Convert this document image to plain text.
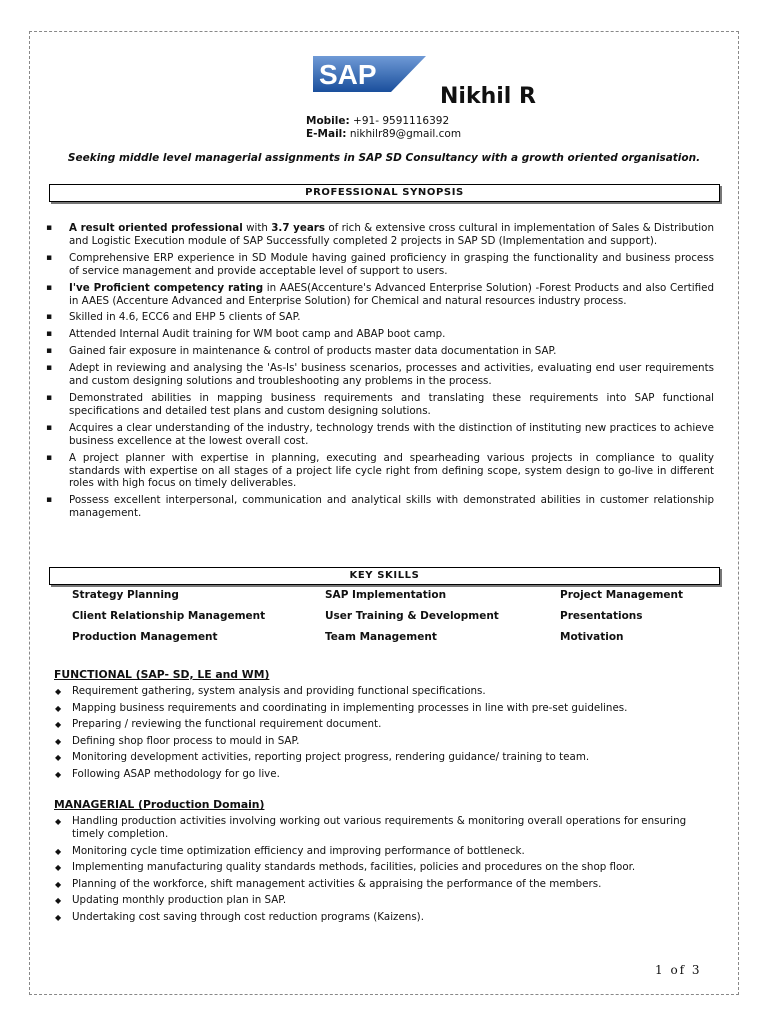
SAP
Nikhil R
Mobile: +91- 9591116392
E-Mail: nikhilr89@gmail.com
Seeking middle level managerial assignments in SAP SD Consultancy with a growth oriented organisation.
PROFESSIONAL SYNOPSIS
▪ A result oriented professional with 3.7 years of rich & extensive cross cultural in implementation of Sales & Distribution and Logistic Execution module of SAP Successfully completed 2 projects in SAP SD (Implementation and support).
▪ Comprehensive ERP experience in SD Module having gained proficiency in grasping the functionality and business process of service management and provide acceptable level of support to users.
▪ I've Proficient competency rating in AAES(Accenture's Advanced Enterprise Solution) -Forest Products and also Certified in AAES (Accenture Advanced and Enterprise Solution) for Chemical and natural resources industry process.
▪ Skilled in 4.6, ECC6 and EHP 5 clients of SAP.
▪ Attended Internal Audit training for WM boot camp and ABAP boot camp.
▪ Gained fair exposure in maintenance & control of products master data documentation in SAP.
▪ Adept in reviewing and analysing the 'As-Is' business scenarios, processes and activities, evaluating end user requirements and custom designing solutions and troubleshooting any problems in the process.
▪ Demonstrated abilities in mapping business requirements and translating these requirements into SAP functional specifications and detailed test plans and custom designing solutions.
▪ Acquires a clear understanding of the industry, technology trends with the distinction of instituting new practices to achieve business excellence at the lowest overall cost.
▪ A project planner with expertise in planning, executing and spearheading various projects in compliance to quality standards with expertise on all stages of a project life cycle right from defining scope, system design to go-live in different roles with high focus on timely deliverables.
▪ Possess excellent interpersonal, communication and analytical skills with demonstrated abilities in customer relationship management.
KEY SKILLS
Strategy Planning	SAP Implementation	Project Management
Client Relationship Management	User Training & Development	Presentations
Production Management	Team Management	Motivation
FUNCTIONAL (SAP- SD, LE and WM)
◆ Requirement gathering, system analysis and providing functional specifications.
◆ Mapping business requirements and coordinating in implementing processes in line with pre-set guidelines.
◆ Preparing / reviewing the functional requirement document.
◆ Defining shop floor process to mould in SAP.
◆ Monitoring development activities, reporting project progress, rendering guidance/ training to team.
◆ Following ASAP methodology for go live.
MANAGERIAL (Production Domain)
◆ Handling production activities involving working out various requirements & monitoring overall operations for ensuring timely completion.
◆ Monitoring cycle time optimization efficiency and improving performance of bottleneck.
◆ Implementing manufacturing quality standards methods, facilities, policies and procedures on the shop floor.
◆ Planning of the workforce, shift management activities & appraising the performance of the members.
◆ Updating monthly production plan in SAP.
◆ Undertaking cost saving through cost reduction programs (Kaizens).
1 of 3
